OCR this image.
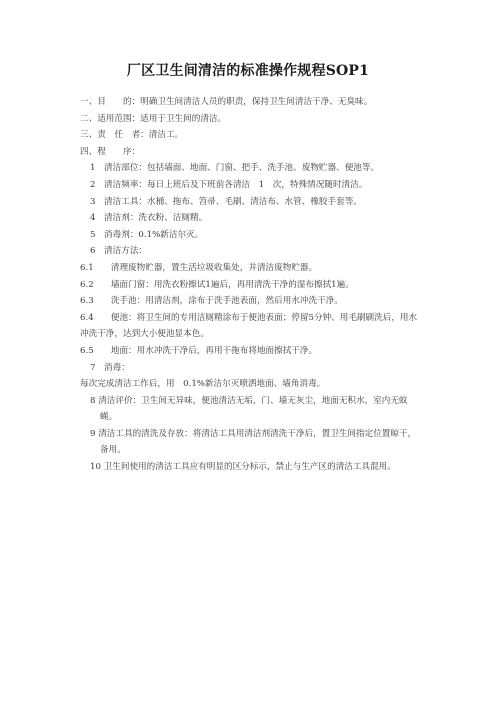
厂区卫生间清洁的标准操作规程SOP1
一、目　　的：明确卫生间清洁人员的职责，保持卫生间清洁干净、无臭味。
二、适用范围：适用于卫生间的清洁。
三、责　任　者：清洁工。
四、程　　序：
1　清洁部位：包括墙面、地面、门窗、把手、洗手池、废物贮器、便池等。
2　清洁频率：每日上班后及下班前各清洁　1　次，特殊情况随时清洁。
3　清洁工具：水桶、拖布、笤帚、毛刷、清洁布、水管、橡胶手套等。
4　清洁剂：洗衣粉、洁厕精。
5　消毒剂：0.1%新洁尔灭。
6　清洁方法：
6.1　　清理废物贮器，置生活垃圾收集处，并清洁废物贮器。
6.2　　墙面门窗：用洗衣粉擦试1遍后，再用清洗干净的湿布擦拭1遍。
6.3　　洗手池：用清洁剂，涂布于洗手池表面，然后用水冲洗干净。
6.4　　便池：将卫生间的专用洁厕精涂布于便池表面；停留5分钟、用毛刷刷洗后，用水冲洗干净，达到大小便池显本色。
6.5　　地面：用水冲洗干净后，再用干拖布将地面擦拭干净。
7　消毒：
每次完成清洁工作后，用　0.1%新洁尔灭喷洒地面、墙角消毒。
8 清洁评价：卫生间无异味，便池清洁无垢，门、墙无灰尘，地面无积水，室内无蚊蝇。
9 清洁工具的清洗及存放：将清洁工具用清洁剂清洗干净后，置卫生间指定位置晾干，备用。
10 卫生间使用的清洁工具应有明显的区分标示，禁止与生产区的清洁工具混用。
